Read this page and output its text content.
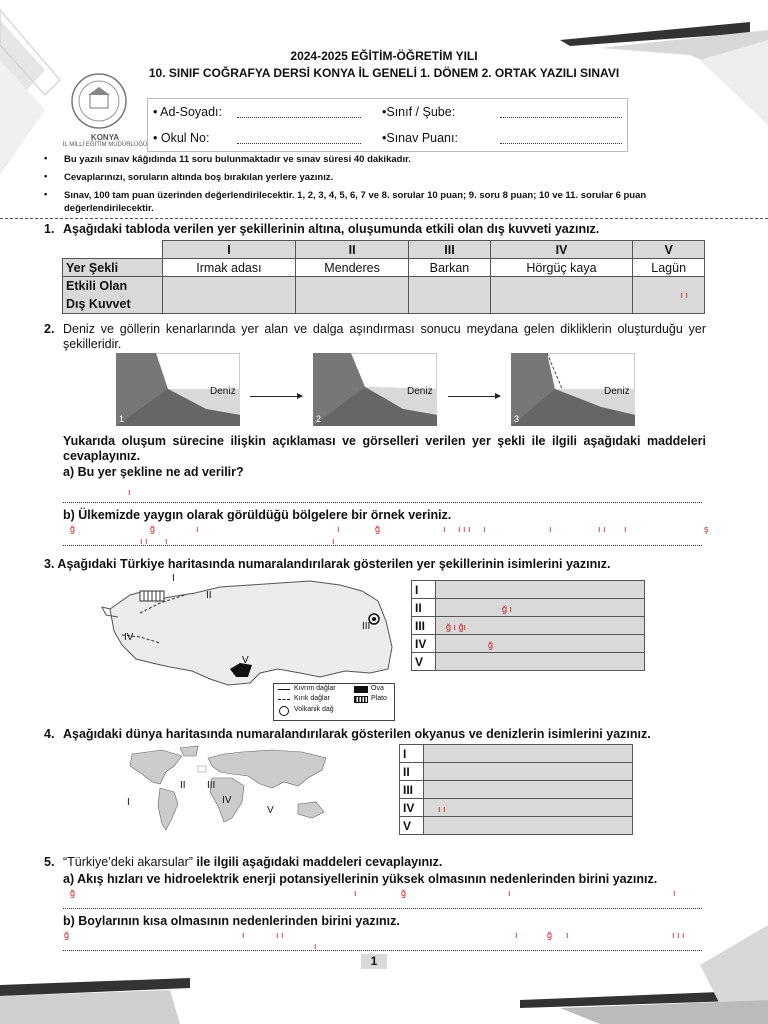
2024-2025 EĞİTİM-ÖĞRETİM YILI
10. SINIF COĞRAFYA DERSİ KONYA İL GENELİ 1. DÖNEM 2. ORTAK YAZILI SINAVI
KONYA
İL MİLLİ EĞİTİM MÜDÜRLÜĞÜ
• Ad-Soyadı:	•Sınıf / Şube:
• Okul No:	•Sınav Puanı:
• Bu yazılı sınav kâğıdında 11 soru bulunmaktadır ve sınav süresi 40 dakikadır.
• Cevaplarınızı, soruların altında boş bırakılan yerlere yazınız.
• Sınav, 100 tam puan üzerinden değerlendirilecektir. 1, 2, 3, 4, 5, 6, 7 ve 8. sorular 10 puan; 9. soru 8 puan; 10 ve 11. sorular 6 puan değerlendirilecektir.
1. Aşağıdaki tabloda verilen yer şekillerinin altına, oluşumunda etkili olan dış kuvveti yazınız.
	I	II	III	IV	V
Yer Şekli	Irmak adası	Menderes	Barkan	Hörgüç kaya	Lagün
Etkili Olan
Dış Kuvvet					ı ı
2. Deniz ve göllerin kenarlarında yer alan ve dalga aşındırması sonucu meydana gelen dikliklerin oluşturduğu yer şekilleridir.
Deniz
1
Deniz
2
Deniz
3
Yukarıda oluşum sürecine ilişkin açıklaması ve görselleri verilen yer şekli ile ilgili aşağıdaki maddeleri cevaplayınız.
a) Bu yer şekline ne ad verilir?
ı
b) Ülkemizde yaygın olarak görüldüğü bölgelere bir örnek veriniz.
ğ	ğ	ı	ı	ğ	ı ı ı ı ı	ı	ı ı ı	ş
ı ı ı	ı
3. Aşağıdaki Türkiye haritasında numaralandırılarak gösterilen yer şekillerinin isimlerini yazınız.
I
II
III
IV
V
Kıvrım dağlar
Kırık dağlar
Volkanik dağ
Ova
Plato
I	
II	ğ ı
III	ğ ı ğı
IV	ğ
V	
4. Aşağıdaki dünya haritasında numaralandırılarak gösterilen okyanus ve denizlerin isimlerini yazınız.
I
II III
IV
V
I	
II	
III	
IV	ı ı
V	
5. “Türkiye’deki akarsular” ile ilgili aşağıdaki maddeleri cevaplayınız.
a) Akış hızları ve hidroelektrik enerji potansiyellerinin yüksek olmasının nedenlerinden birini yazınız.
ğ	ı	ğ	ı	ı
b) Boylarının kısa olmasının nedenlerinden birini yazınız.
ğ	ı	ı ı	ı	ğ ı	ı ı ı
ı
1
